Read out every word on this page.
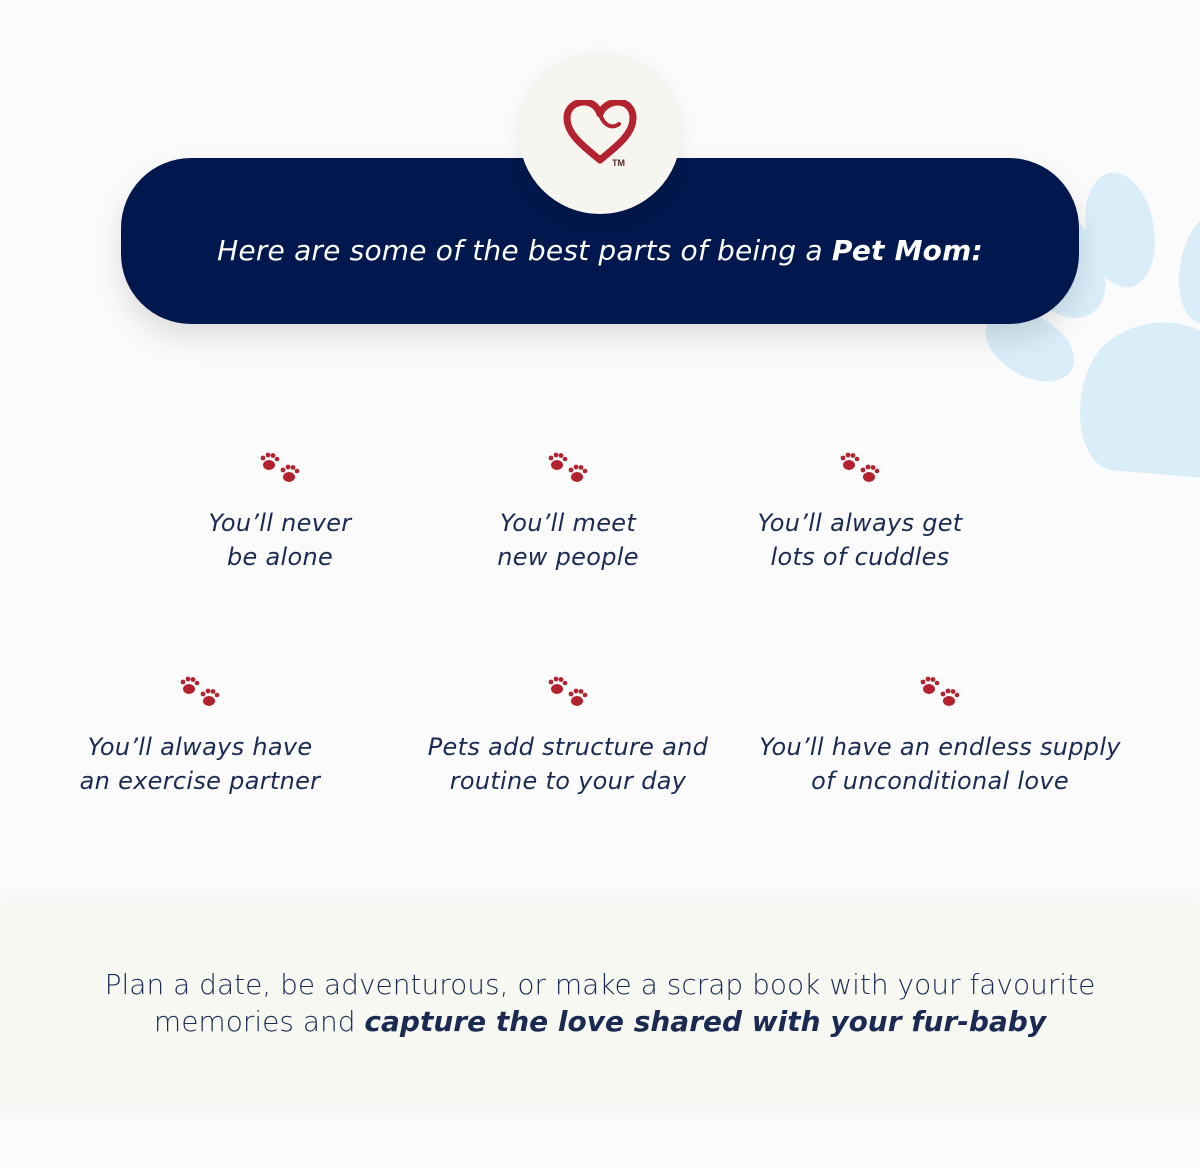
Here are some of the best parts of being a Pet Mom:
TM
You’ll never
be alone
You’ll meet
new people
You’ll always get
lots of cuddles
You’ll always have
an exercise partner
Pets add structure and
routine to your day
You’ll have an endless supply
of unconditional love
Plan a date, be adventurous, or make a scrap book with your favourite memories and capture the love shared with your fur-baby
